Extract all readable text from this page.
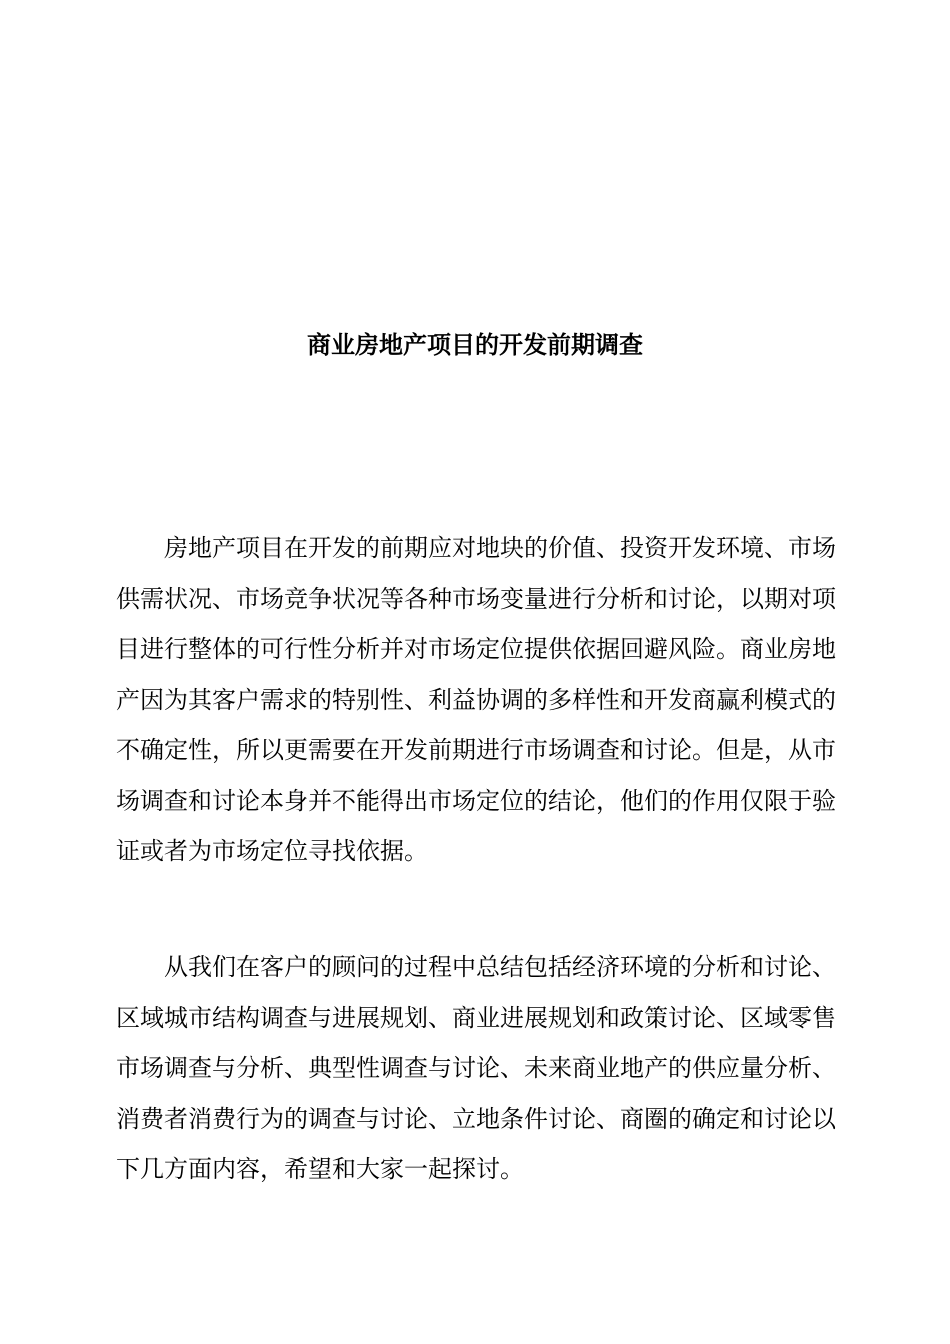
商业房地产项目的开发前期调查

房地产项目在开发的前期应对地块的价值、投资开发环境、市场供需状况、市场竞争状况等各种市场变量进行分析和讨论，以期对项目进行整体的可行性分析并对市场定位提供依据回避风险。商业房地产因为其客户需求的特别性、利益协调的多样性和开发商赢利模式的不确定性，所以更需要在开发前期进行市场调查和讨论。但是，从市场调查和讨论本身并不能得出市场定位的结论，他们的作用仅限于验证或者为市场定位寻找依据。

从我们在客户的顾问的过程中总结包括经济环境的分析和讨论、区域城市结构调查与进展规划、商业进展规划和政策讨论、区域零售市场调查与分析、典型性调查与讨论、未来商业地产的供应量分析、消费者消费行为的调查与讨论、立地条件讨论、商圈的确定和讨论以下几方面内容，希望和大家一起探讨。
